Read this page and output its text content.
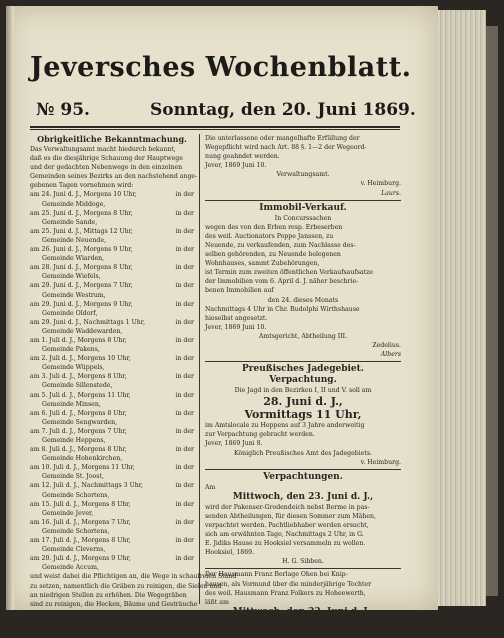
Jeversches Wochenblatt.
№ 95.	Sonntag, den 20. Juni 1869.
Obrigkeitliche Bekanntmachung.
Das Verwaltungsamt macht hiedurch bekannt,
daß es die diesjährige Schauung der Hauptwege
und der gedachten Nebenwege in den einzelnen
Gemeinden seines Bezirks an den nachstehend ange-
gebenen Tagen vornehmen wird:
in der
am 24. Juni d. J., Morgens 10 Uhr,
Gemeinde Middoge,
in der
am 25. Juni d. J., Morgens 8 Uhr,
Gemeinde Sande,
in der
am 25. Juni d. J., Mittags 12 Uhr,
Gemeinde Neuende,
in der
am 26. Juni d. J., Morgens 9 Uhr,
Gemeinde Wiarden,
in der
am 28. Juni d. J., Morgens 8 Uhr,
Gemeinde Wiefels,
in der
am 29. Juni d. J., Morgens 7 Uhr,
Gemeinde Westrum,
in der
am 29. Juni d. J., Morgens 9 Uhr,
Gemeinde Oldorf,
in der
am 29. Juni d. J., Nachmittags 1 Uhr,
Gemeinde Waddewarden,
in der
am 1. Juli d. J., Morgens 8 Uhr,
Gemeinde Pakens,
in der
am 2. Juli d. J., Morgens 10 Uhr,
Gemeinde Wüppels,
in der
am 3. Juli d. J., Morgens 8 Uhr,
Gemeinde Sillenstede,
in der
am 5. Juli d. J., Morgens 11 Uhr,
Gemeinde Minsen,
in der
am 6. Juli d. J., Morgens 8 Uhr,
Gemeinde Sengwarden,
in der
am 7. Juli d. J., Morgens 7 Uhr,
Gemeinde Heppens,
in der
am 8. Juli d. J., Morgens 8 Uhr,
Gemeinde Hohenkirchen,
in der
am 10. Juli d. J., Morgens 11 Uhr,
Gemeinde St. Joost,
in der
am 12. Juli d. J., Nachmittags 3 Uhr,
Gemeinde Schortens,
in der
am 15. Juli d. J., Morgens 8 Uhr,
Gemeinde Jever,
in der
am 16. Juli d. J., Morgens 7 Uhr,
Gemeinde Schortens,
in der
am 17. Juli d. J., Morgens 8 Uhr,
Gemeinde Cleverns,
in der
am 20. Juli d. J., Morgens 9 Uhr,
Gemeinde Accum,
und weist dabei die Pflichtigen an, die Wege in schaufreien Stand
zu setzen, namentlich die Gräben zu reinigen, die Sielen und
an niedrigen Stellen zu erhöhen. Die Wegegräben
sind zu reinigen, die Hecken, Bäume und Gesträuche
an den Wegen zu beschneiden und die Wegebermen
von Gestrüpp und Unkraut zu säubern.
Die unterlassene oder mangelhafte Erfüllung der
Wegepflicht wird nach Art. 88 §. 1—2 der Wegeord-
nung geahndet werden.
Jever, 1869 Juni 10.
Verwaltungsamt.
v. Heimburg.
Laurs.
Immobil-Verkauf.
In Concurssachen
wegen des von den Erben resp. Erbeserben
des weil. Auctionators Poppe Janssen, zu
Neuende, zu verkaufenden, zum Nachlasse des-
selben gehörenden, zu Neuende belegenen
Wohnhauses, sammt Zubehörungen,
ist Termin zum zweiten öffentlichen Verkaufsaufsatze
der Immobilien vom 6. April d. J. näher beschrie-
benen Immobilien auf
den 24. dieses Monats
Nachmittags 4 Uhr in Chr. Rudolphi Wirthshause
hieselbst angesetzt.
Jever, 1869 Juni 10.
Amtsgericht, Abtheilung III.
Zedelius.
Albers
Preußisches Jadegebiet.
Verpachtung.
Die Jagd in den Bezirken I, II und V. soll am
28. Juni d. J.,
Vormittags 11 Uhr,
im Amtslocale zu Heppens auf 3 Jahre anderweitig
zur Verpachtung gebracht werden.
Jever, 1869 Juni 8.
Königlich Preußisches Amt des Jadegebiets.
v. Heimburg.
Verpachtungen.
Am
Mittwoch, den 23. Juni d. J.,
wird der Pakenser-Grodendeich nebst Berme in pas-
senden Abtheilungen, für diesen Sommer zum Mähen,
verpachtet werden. Pachtliebhaber werden ersucht,
sich am erwähnten Tage, Nachmittags 2 Uhr, in G.
E. Jidiks Hause zu Hooksiel versammeln zu wollen.
Hooksiel, 1869.
H. G. Sibben.
Der Hausmann Franz Berlage Ohen bei Knip-
hausen, als Vormund über die minderjährige Tochter
des weil. Hausmann Franz Folkers zu Hoheewerth,
läßt am
Mittwoch, den 23. Juni d. J.,
Nachmittags 3 Uhr,
in der Burgschenke zu Kniphausen, die seiner Pupil-
